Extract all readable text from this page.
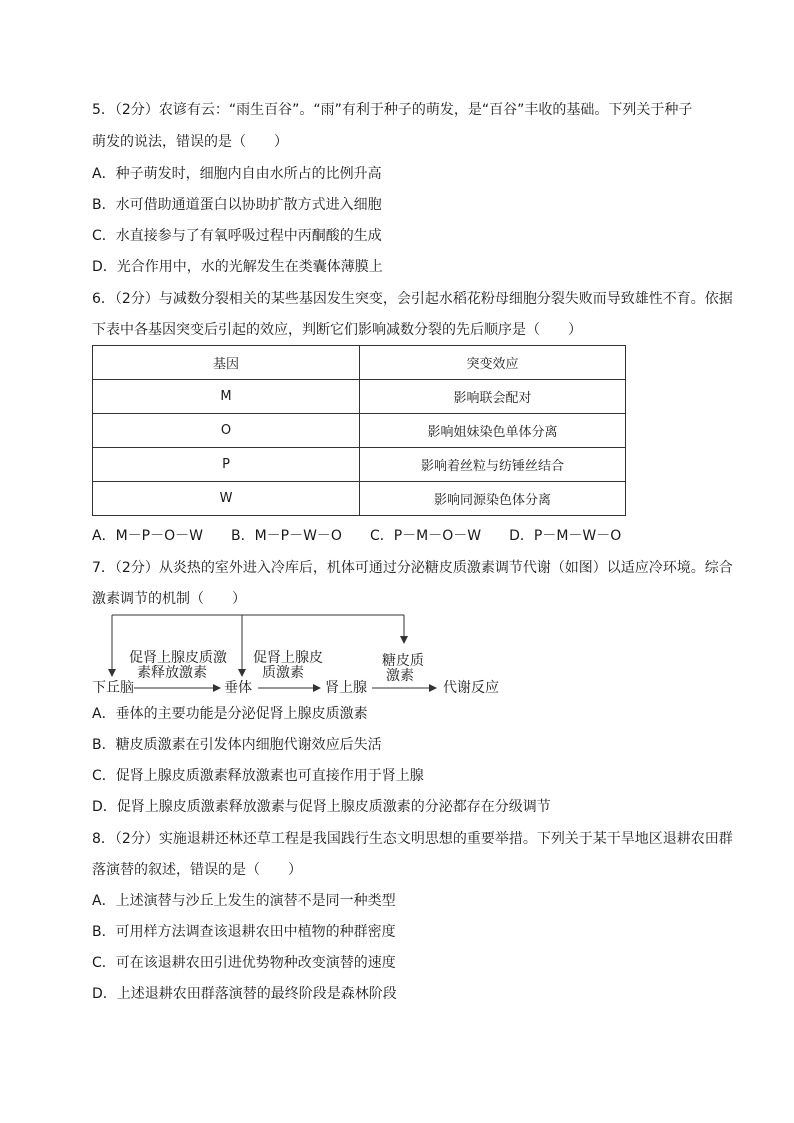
5．（2分）农谚有云：“雨生百谷”。“雨”有利于种子的萌发，是“百谷”丰收的基础。下列关于种子
萌发的说法，错误的是（　　）
A．种子萌发时，细胞内自由水所占的比例升高
B．水可借助通道蛋白以协助扩散方式进入细胞
C．水直接参与了有氧呼吸过程中丙酮酸的生成
D．光合作用中，水的光解发生在类囊体薄膜上
6．（2分）与减数分裂相关的某些基因发生突变，会引起水稻花粉母细胞分裂失败而导致雄性不育。依据
下表中各基因突变后引起的效应，判断它们影响减数分裂的先后顺序是（　　）
基因	突变效应
M	影响联会配对
O	影响姐妹染色单体分离
P	影响着丝粒与纺锤丝结合
W	影响同源染色体分离
A．M－P－O－W　　B．M－P－W－O　　C．P－M－O－W　　D．P－M－W－O
7．（2分）从炎热的室外进入冷库后，机体可通过分泌糖皮质激素调节代谢（如图）以适应冷环境。综合
激素调节的机制（　　）
下丘脑	垂体	肾上腺	代谢反应
促肾上腺皮质激
素释放激素
促肾上腺皮
质激素
糖皮质
激素
A．垂体的主要功能是分泌促肾上腺皮质激素
B．糖皮质激素在引发体内细胞代谢效应后失活
C．促肾上腺皮质激素释放激素也可直接作用于肾上腺
D．促肾上腺皮质激素释放激素与促肾上腺皮质激素的分泌都存在分级调节
8．（2分）实施退耕还林还草工程是我国践行生态文明思想的重要举措。下列关于某干旱地区退耕农田群
落演替的叙述，错误的是（　　）
A．上述演替与沙丘上发生的演替不是同一种类型
B．可用样方法调查该退耕农田中植物的种群密度
C．可在该退耕农田引进优势物种改变演替的速度
D．上述退耕农田群落演替的最终阶段是森林阶段
